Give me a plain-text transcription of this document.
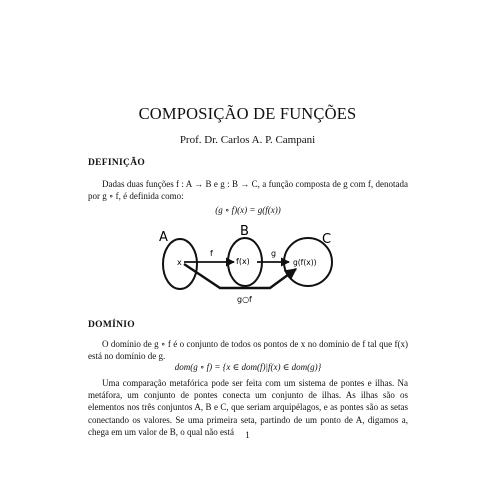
COMPOSIÇÃO DE FUNÇÕES
Prof. Dr. Carlos A. P. Campani
DEFINIÇÃO

Dadas duas funções f : A → B e g : B → C, a função composta de g com f, denotada por g ∘ f, é definida como:

(g ∘ f)(x) = g(f(x))
A
x
B
f(x)
C
g(f(x))
f	g
g○f
DOMÍNIO

O domínio de g ∘ f é o conjunto de todos os pontos de x no domínio de f tal que f(x) está no domínio de g.

dom(g ∘ f) = {x ∈ dom(f)|f(x) ∈ dom(g)}

Uma comparação metafórica pode ser feita com um sistema de pontes e ilhas. Na metáfora, um conjunto de pontes conecta um conjunto de ilhas. As ilhas são os elementos nos três conjuntos A, B e C, que seriam arquipélagos, e as pontes são as setas conectando os valores. Se uma primeira seta, partindo de um ponto de A, digamos a, chega em um valor de B, o qual não está	1
